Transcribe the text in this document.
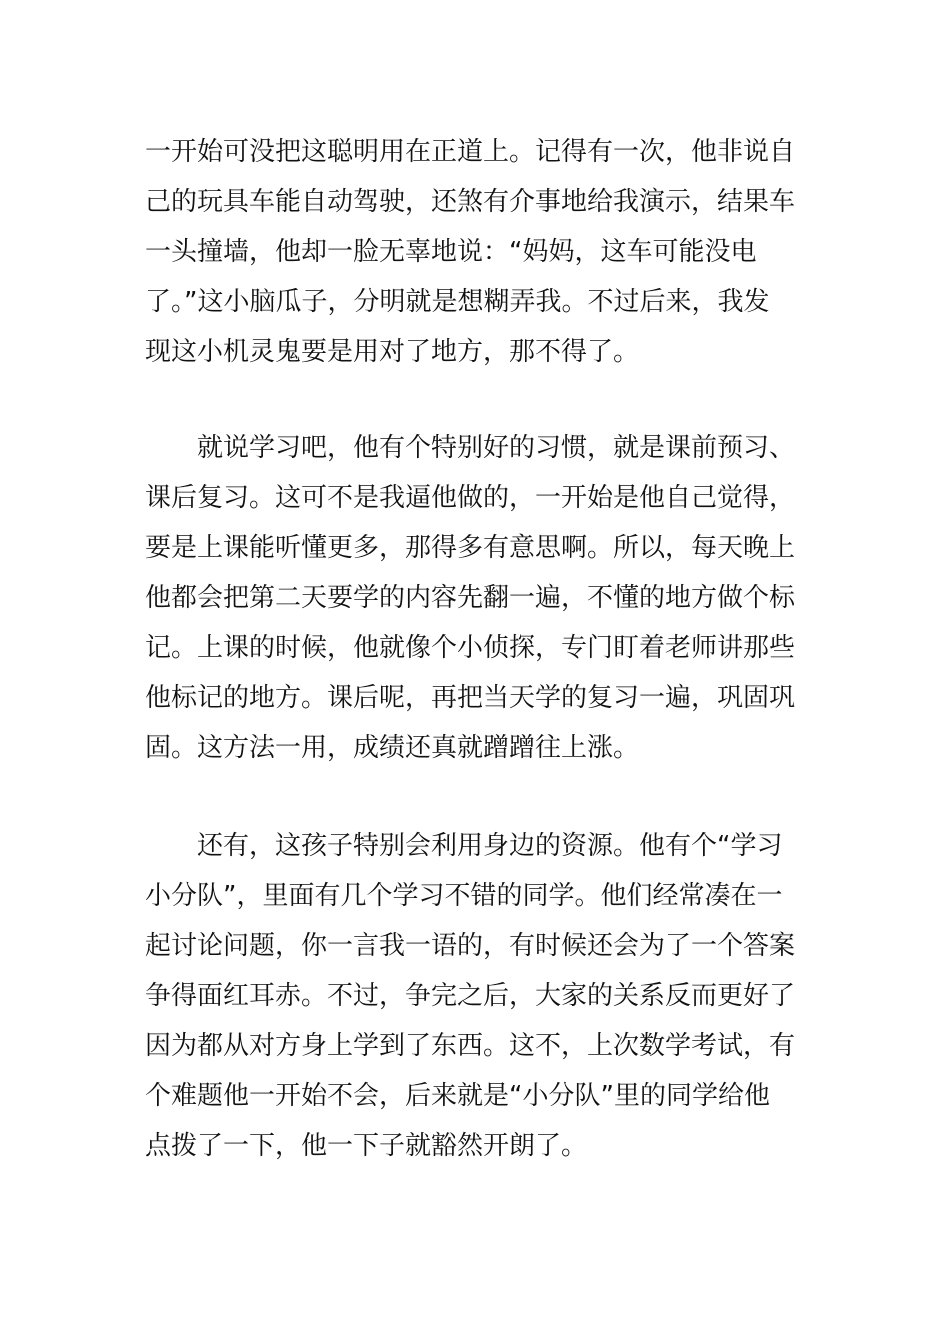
一开始可没把这聪明用在正道上。记得有一次，他非说自
己的玩具车能自动驾驶，还煞有介事地给我演示，结果车
一头撞墙，他却一脸无辜地说：“妈妈，这车可能没电
了。”这小脑瓜子，分明就是想糊弄我。不过后来，我发
现这小机灵鬼要是用对了地方，那不得了。
就说学习吧，他有个特别好的习惯，就是课前预习、
课后复习。这可不是我逼他做的，一开始是他自己觉得，
要是上课能听懂更多，那得多有意思啊。所以，每天晚上
他都会把第二天要学的内容先翻一遍，不懂的地方做个标
记。上课的时候，他就像个小侦探，专门盯着老师讲那些
他标记的地方。课后呢，再把当天学的复习一遍，巩固巩
固。这方法一用，成绩还真就蹭蹭往上涨。
还有，这孩子特别会利用身边的资源。他有个“学习
小分队”，里面有几个学习不错的同学。他们经常凑在一
起讨论问题，你一言我一语的，有时候还会为了一个答案
争得面红耳赤。不过，争完之后，大家的关系反而更好了
因为都从对方身上学到了东西。这不，上次数学考试，有
个难题他一开始不会，后来就是“小分队”里的同学给他
点拨了一下，他一下子就豁然开朗了。
